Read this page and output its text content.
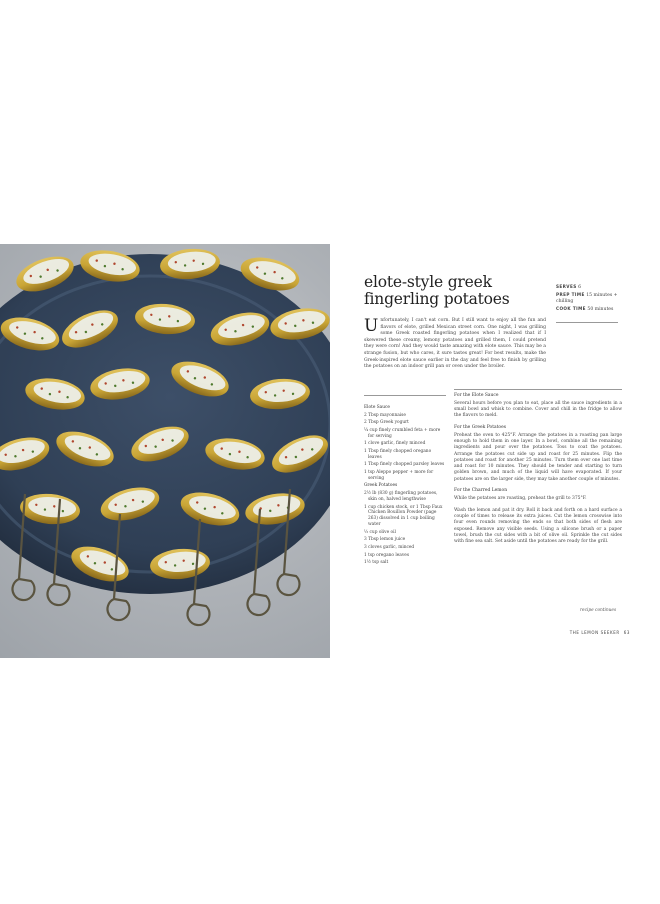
elote-style greek fingerling potatoes
SERVES 6
PREP TIME 15 minutes + chilling
COOK TIME 50 minutes

Unfortunately, I can't eat corn. But I still want to enjoy all the fun and flavors of elote, grilled Mexican street corn. One night, I was grilling some Greek roasted fingerling potatoes when I realized that if I skewered these creamy, lemony potatoes and grilled them, I could pretend they were corn! And they would taste amazing with elote sauce. This may be a strange fusion, but who cares, it sure tastes great! For best results, make the Greek-inspired elote sauce earlier in the day and feel free to finish by grilling the potatoes on an indoor grill pan or oven under the broiler.

Elote Sauce
2 Tbsp mayonnaise
2 Tbsp Greek yogurt
¼ cup finely crumbled feta + more for serving
1 clove garlic, finely minced
1 Tbsp finely chopped oregano leaves
1 Tbsp finely chopped parsley leaves
1 tsp Aleppo pepper + more for serving
Greek Potatoes
2½ lb (830 g) fingerling potatoes, skin on, halved lengthwise
1 cup chicken stock, or 1 Tbsp Faux Chicken Bouillon Powder (page 263) dissolved in 1 cup boiling water
⅓ cup olive oil
3 Tbsp lemon juice
3 cloves garlic, minced
1 tsp oregano leaves
1½ tsp salt

For the Elote Sauce

Several hours before you plan to eat, place all the sauce ingredients in a small bowl and whisk to combine. Cover and chill in the fridge to allow the flavors to meld.

For the Greek Potatoes

Preheat the oven to 425°F. Arrange the potatoes in a roasting pan large enough to hold them in one layer. In a bowl, combine all the remaining ingredients and pour over the potatoes. Toss to coat the potatoes. Arrange the potatoes cut side up and roast for 25 minutes. Flip the potatoes and roast for another 25 minutes. Turn them over one last time and roast for 10 minutes. They should be tender and starting to turn golden brown, and much of the liquid will have evaporated. If your potatoes are on the larger side, they may take another couple of minutes.

For the Charred Lemon

While the potatoes are roasting, preheat the grill to 375°F.

Wash the lemon and pat it dry. Roll it back and forth on a hard surface a couple of times to release its extra juices. Cut the lemon crosswise into four even rounds removing the ends so that both sides of flesh are exposed. Remove any visible seeds. Using a silicone brush or a paper towel, brush the cut sides with a bit of olive oil. Sprinkle the cut sides with fine sea salt. Set aside until the potatoes are ready for the grill.

recipe continues
THE LEMON SEEKER 63
